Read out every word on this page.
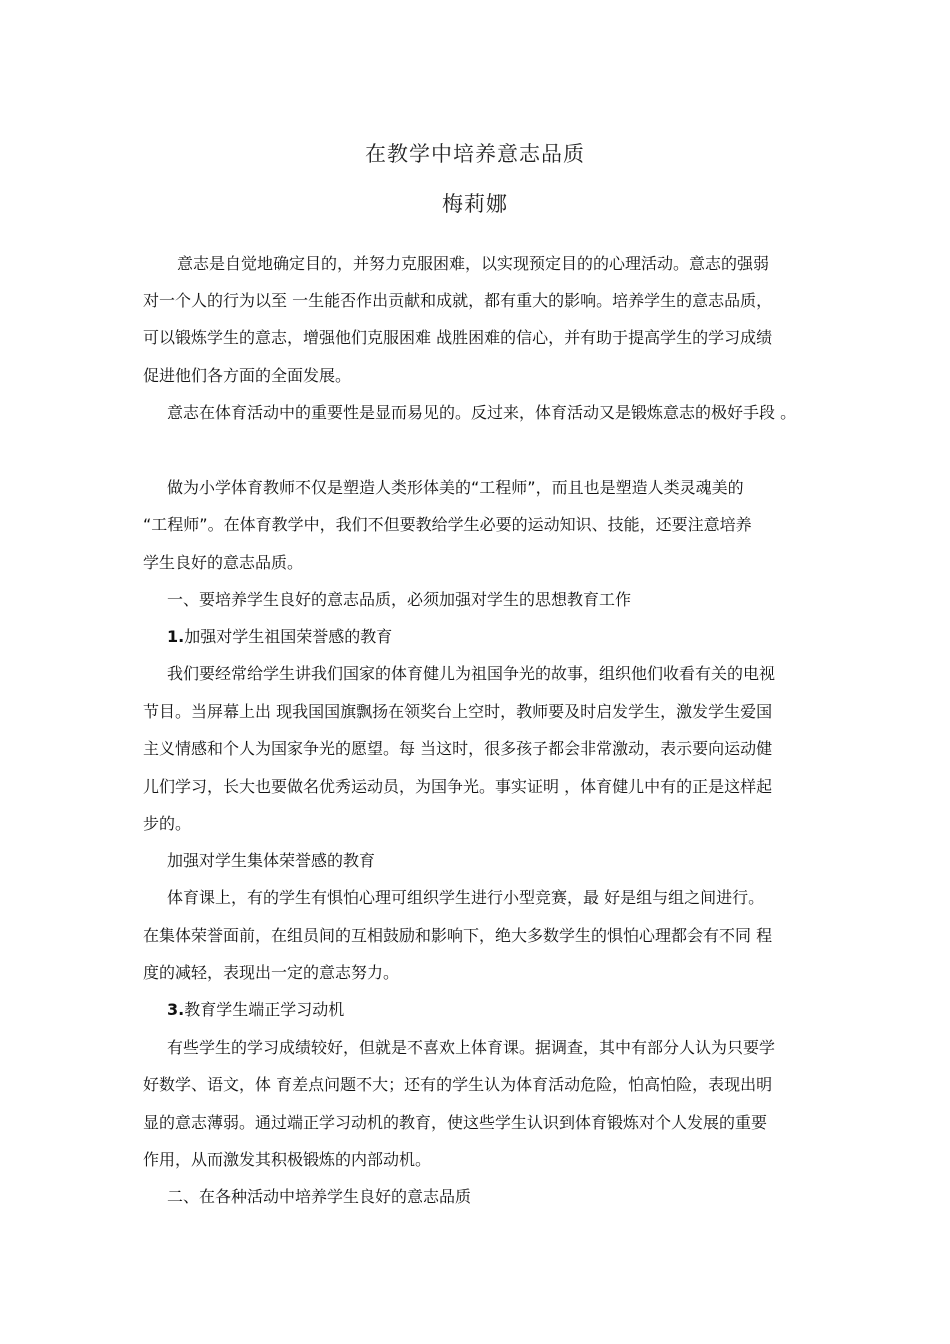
在教学中培养意志品质
梅莉娜
意志是自觉地确定目的，并努力克服困难，以实现预定目的的心理活动。意志的强弱
对一个人的行为以至 一生能否作出贡献和成就，都有重大的影响。培养学生的意志品质，
可以锻炼学生的意志，增强他们克服困难 战胜困难的信心，并有助于提高学生的学习成绩
促进他们各方面的全面发展。
意志在体育活动中的重要性是显而易见的。反过来，体育活动又是锻炼意志的极好手段 。
做为小学体育教师不仅是塑造人类形体美的“工程师”，而且也是塑造人类灵魂美的
“工程师”。在体育教学中，我们不但要教给学生必要的运动知识、技能，还要注意培养
学生良好的意志品质。
一、要培养学生良好的意志品质，必须加强对学生的思想教育工作
1.加强对学生祖国荣誉感的教育
我们要经常给学生讲我们国家的体育健儿为祖国争光的故事，组织他们收看有关的电视
节目。当屏幕上出 现我国国旗飘扬在领奖台上空时，教师要及时启发学生，激发学生爱国
主义情感和个人为国家争光的愿望。每 当这时，很多孩子都会非常激动，表示要向运动健
儿们学习，长大也要做名优秀运动员，为国争光。事实证明 ，体育健儿中有的正是这样起
步的。
加强对学生集体荣誉感的教育
体育课上，有的学生有惧怕心理可组织学生进行小型竞赛，最 好是组与组之间进行。
在集体荣誉面前，在组员间的互相鼓励和影响下，绝大多数学生的惧怕心理都会有不同 程
度的减轻，表现出一定的意志努力。
3.教育学生端正学习动机
有些学生的学习成绩较好，但就是不喜欢上体育课。据调查，其中有部分人认为只要学
好数学、语文，体 育差点问题不大；还有的学生认为体育活动危险，怕高怕险，表现出明
显的意志薄弱。通过端正学习动机的教育，使这些学生认识到体育锻炼对个人发展的重要
作用，从而激发其积极锻炼的内部动机。
二、在各种活动中培养学生良好的意志品质
